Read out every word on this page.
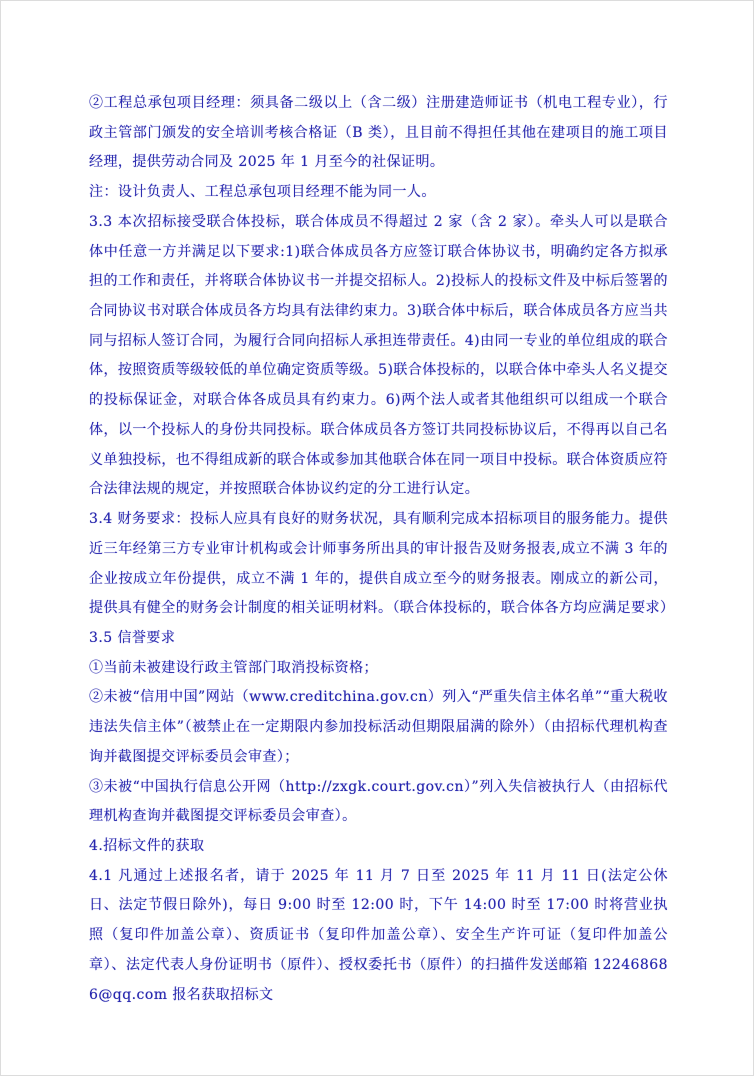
②工程总承包项目经理：须具备二级以上（含二级）注册建造师证书（机电工程专业），行政主管部门颁发的安全培训考核合格证（B 类），且目前不得担任其他在建项目的施工项目经理，提供劳动合同及 2025 年 1 月至今的社保证明。

注：设计负责人、工程总承包项目经理不能为同一人。

3.3 本次招标接受联合体投标，联合体成员不得超过 2 家（含 2 家）。牵头人可以是联合体中任意一方并满足以下要求:1)联合体成员各方应签订联合体协议书，明确约定各方拟承担的工作和责任，并将联合体协议书一并提交招标人。2)投标人的投标文件及中标后签署的合同协议书对联合体成员各方均具有法律约束力。3)联合体中标后，联合体成员各方应当共同与招标人签订合同，为履行合同向招标人承担连带责任。4)由同一专业的单位组成的联合体，按照资质等级较低的单位确定资质等级。5)联合体投标的，以联合体中牵头人名义提交的投标保证金，对联合体各成员具有约束力。6)两个法人或者其他组织可以组成一个联合体，以一个投标人的身份共同投标。联合体成员各方签订共同投标协议后，不得再以自己名义单独投标，也不得组成新的联合体或参加其他联合体在同一项目中投标。联合体资质应符合法律法规的规定，并按照联合体协议约定的分工进行认定。

3.4 财务要求：投标人应具有良好的财务状况，具有顺利完成本招标项目的服务能力。提供近三年经第三方专业审计机构或会计师事务所出具的审计报告及财务报表,成立不满 3 年的企业按成立年份提供，成立不满 1 年的，提供自成立至今的财务报表。刚成立的新公司，提供具有健全的财务会计制度的相关证明材料。（联合体投标的，联合体各方均应满足要求）

3.5 信誉要求

①当前未被建设行政主管部门取消投标资格；

②未被“信用中国”网站（www.creditchina.gov.cn）列入“严重失信主体名单”“重大税收违法失信主体”（被禁止在一定期限内参加投标活动但期限届满的除外）（由招标代理机构查询并截图提交评标委员会审查）；

③未被“中国执行信息公开网（http://zxgk.court.gov.cn）”列入失信被执行人（由招标代理机构查询并截图提交评标委员会审查）。

4.招标文件的获取

4.1 凡通过上述报名者，请于 2025 年 11 月 7 日至 2025 年 11 月 11 日(法定公休日、法定节假日除外)，每日 9:00 时至 12:00 时，下午 14:00 时至 17:00 时将营业执照（复印件加盖公章）、资质证书（复印件加盖公章）、安全生产许可证（复印件加盖公章）、法定代表人身份证明书（原件）、授权委托书（原件）的扫描件发送邮箱 122468686@qq.com 报名获取招标文
